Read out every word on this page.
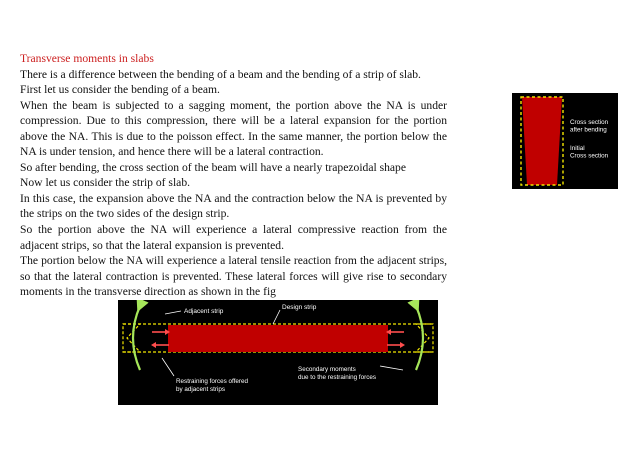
Transverse moments in slabs

There is a difference between the bending of a beam and the bending of a strip of slab.

First let us consider the bending of a beam.

When the beam is subjected to a sagging moment, the portion above the NA is under compression. Due to this compression, there will be a lateral expansion for the portion above the NA. This is due to the poisson effect. In the same manner, the portion below the NA is under tension, and hence there will be a lateral contraction.

So after bending, the cross section of the beam will have a nearly trapezoidal shape

Now let us consider the strip of slab.

In this case, the expansion above the NA and the contraction below the NA is prevented by the strips on the two sides of the design strip.

So the portion above the NA will experience a lateral compressive reaction from the adjacent strips, so that the lateral expansion is prevented.

The portion below the NA will experience a lateral tensile reaction from the adjacent strips, so that the lateral contraction is prevented. These lateral forces will give rise to secondary moments in the transverse direction as shown in the fig

Cross section
after bending
Initial
Cross section
Adjacent strip
Design strip
Restraining forces offered
by adjacent strips
Secondary moments
due to the restraining forces
